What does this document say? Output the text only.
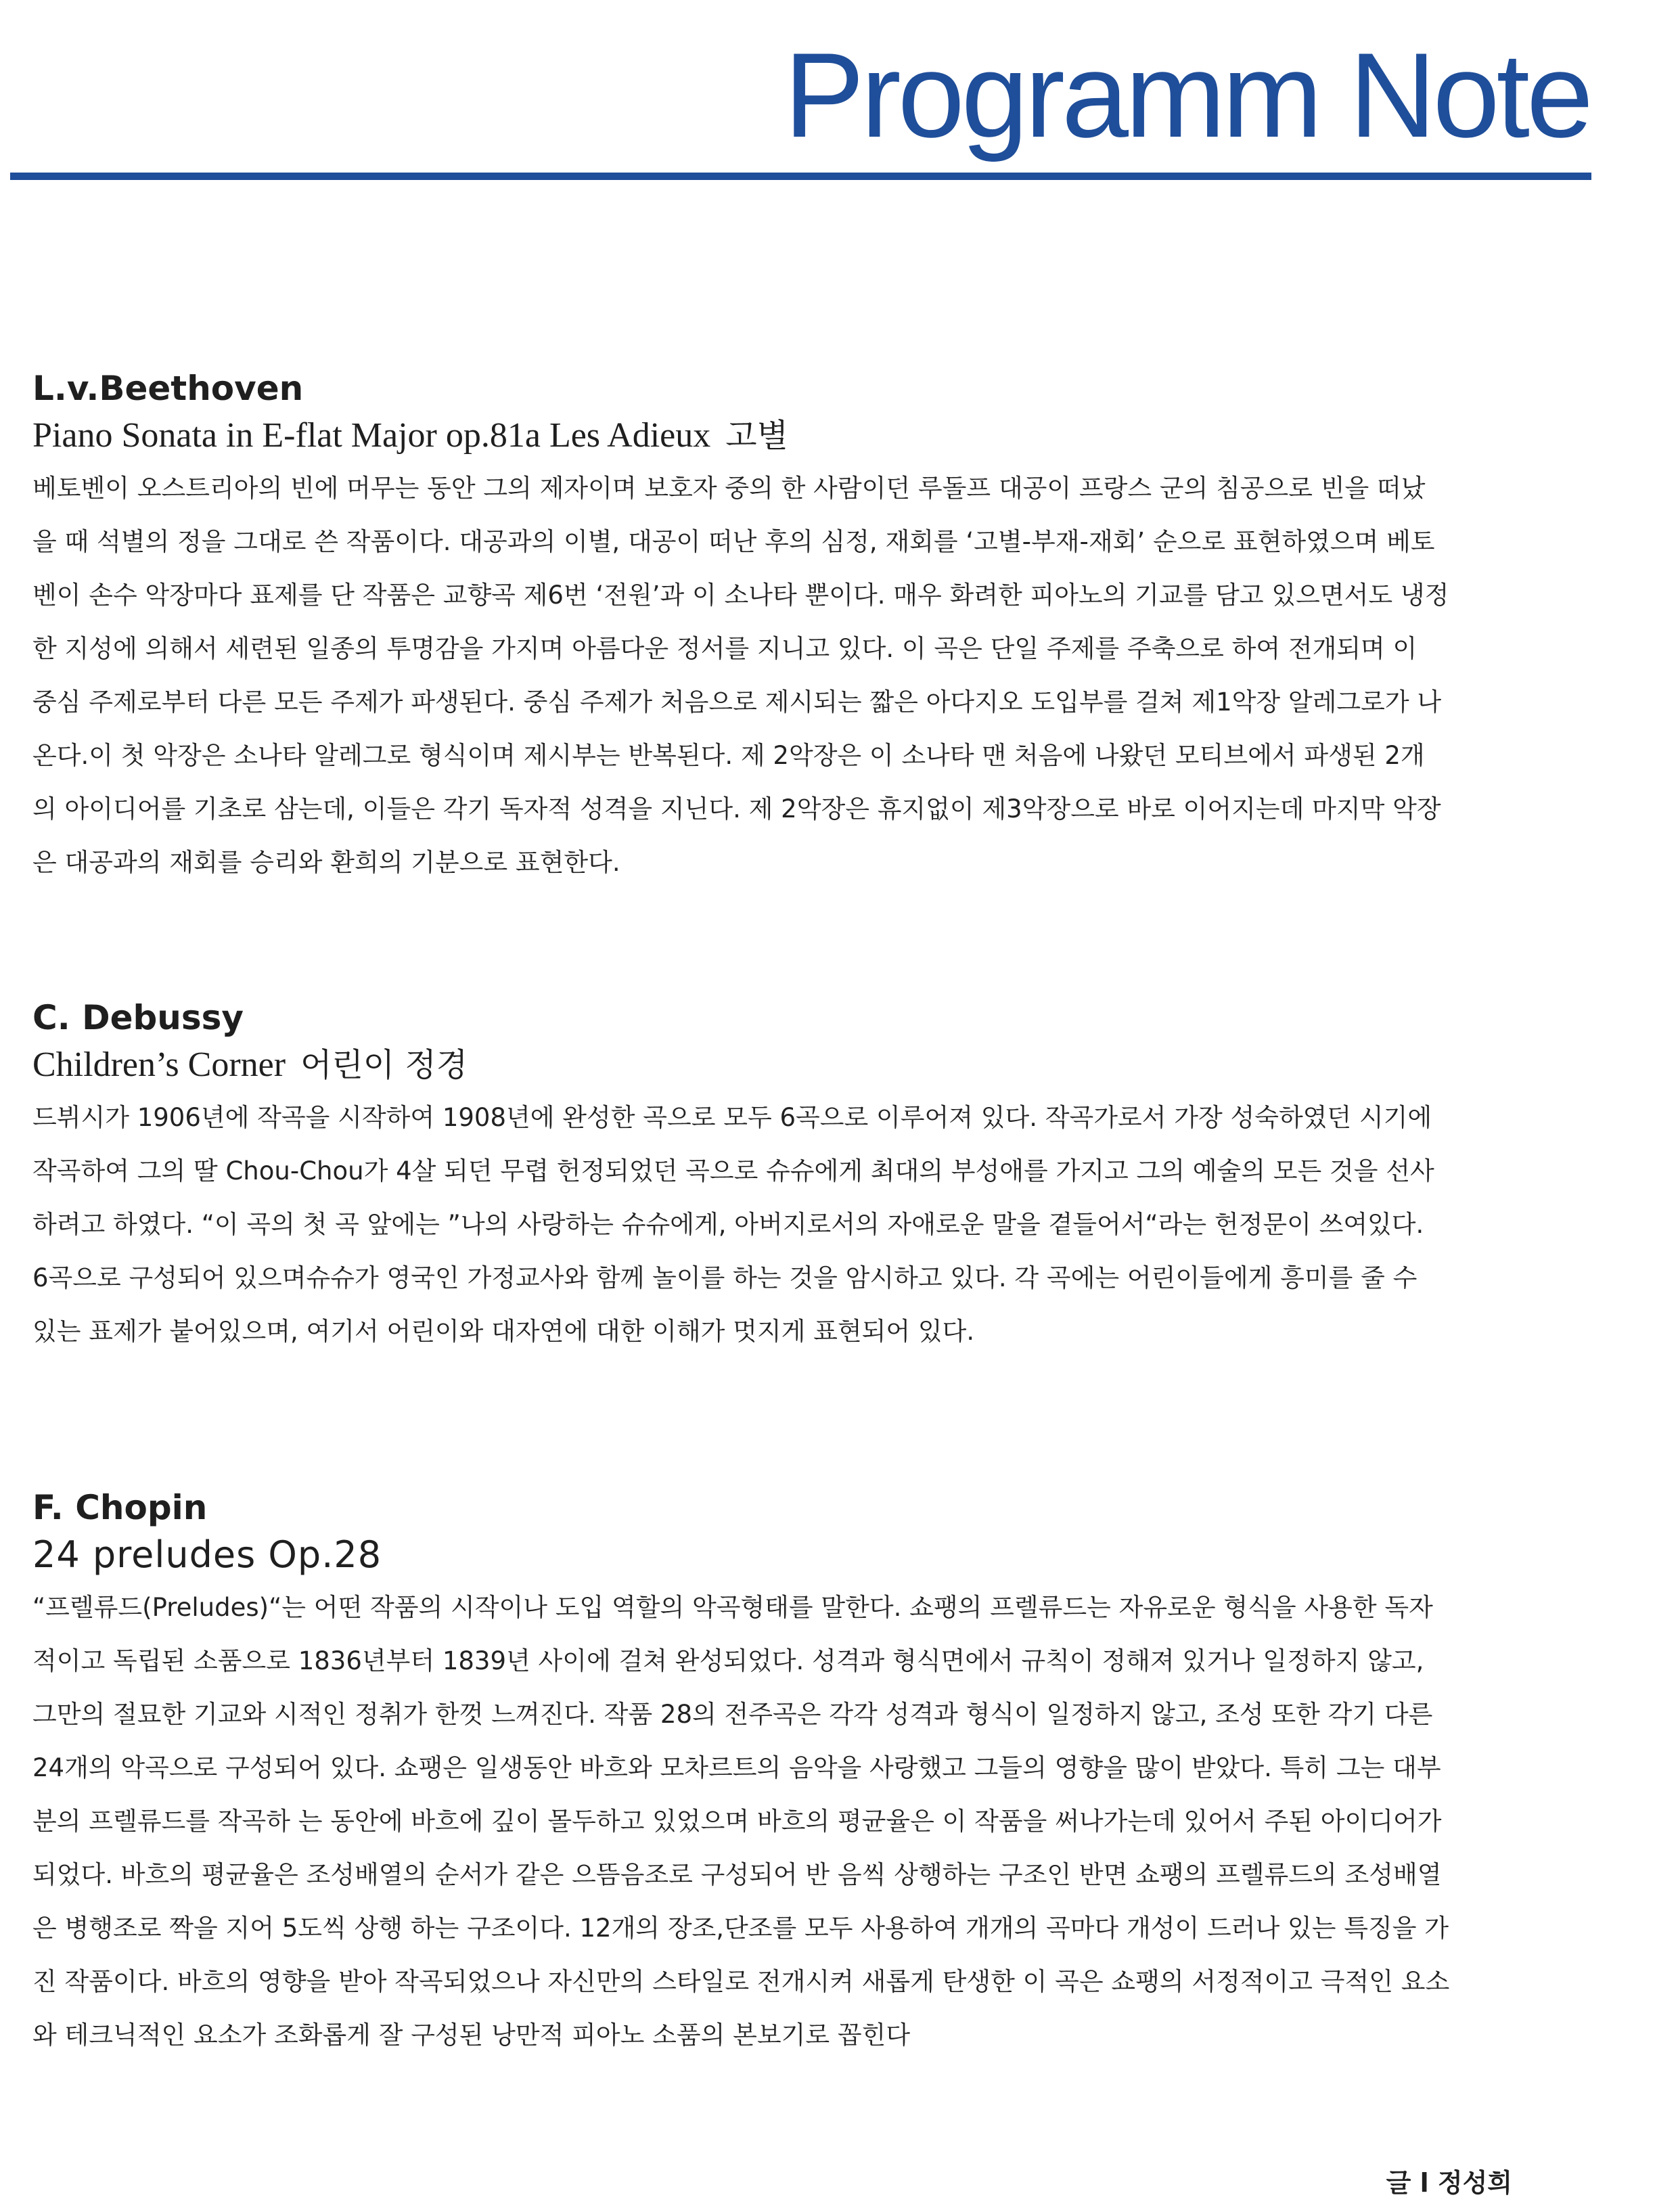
Programm Note
L.v.Beethoven
Piano Sonata in E-flat Major op.81a Les Adieux 고별
베토벤이 오스트리아의 빈에 머무는 동안 그의 제자이며 보호자 중의 한 사람이던 루돌프 대공이 프랑스 군의 침공으로 빈을 떠났
을 때 석별의 정을 그대로 쓴 작품이다. 대공과의 이별, 대공이 떠난 후의 심정, 재회를 ‘고별-부재-재회’ 순으로 표현하였으며 베토
벤이 손수 악장마다 표제를 단 작품은 교향곡 제6번 ‘전원’과 이 소나타 뿐이다. 매우 화려한 피아노의 기교를 담고 있으면서도 냉정
한 지성에 의해서 세련된 일종의 투명감을 가지며 아름다운 정서를 지니고 있다. 이 곡은 단일 주제를 주축으로 하여 전개되며 이
중심 주제로부터 다른 모든 주제가 파생된다. 중심 주제가 처음으로 제시되는 짧은 아다지오 도입부를 걸쳐 제1악장 알레그로가 나
온다.이 첫 악장은 소나타 알레그로 형식이며 제시부는 반복된다. 제 2악장은 이 소나타 맨 처음에 나왔던 모티브에서 파생된 2개
의 아이디어를 기초로 삼는데, 이들은 각기 독자적 성격을 지닌다. 제 2악장은 휴지없이 제3악장으로 바로 이어지는데 마지막 악장
은 대공과의 재회를 승리와 환희의 기분으로 표현한다.
C. Debussy
Children’s Corner 어린이 정경
드뷔시가 1906년에 작곡을 시작하여 1908년에 완성한 곡으로 모두 6곡으로 이루어져 있다. 작곡가로서 가장 성숙하였던 시기에
작곡하여 그의 딸 Chou-Chou가 4살 되던 무렵 헌정되었던 곡으로 슈슈에게 최대의 부성애를 가지고 그의 예술의 모든 것을 선사
하려고 하였다. “이 곡의 첫 곡 앞에는 ”나의 사랑하는 슈슈에게, 아버지로서의 자애로운 말을 곁들어서“라는 헌정문이 쓰여있다.
6곡으로 구성되어 있으며슈슈가 영국인 가정교사와 함께 놀이를 하는 것을 암시하고 있다. 각 곡에는 어린이들에게 흥미를 줄 수
있는 표제가 붙어있으며, 여기서 어린이와 대자연에 대한 이해가 멋지게 표현되어 있다.
F. Chopin
24 preludes Op.28
“프렐류드(Preludes)“는 어떤 작품의 시작이나 도입 역할의 악곡형태를 말한다. 쇼팽의 프렐류드는 자유로운 형식을 사용한 독자
적이고 독립된 소품으로 1836년부터 1839년 사이에 걸쳐 완성되었다. 성격과 형식면에서 규칙이 정해져 있거나 일정하지 않고,
그만의 절묘한 기교와 시적인 정취가 한껏 느껴진다. 작품 28의 전주곡은 각각 성격과 형식이 일정하지 않고, 조성 또한 각기 다른
24개의 악곡으로 구성되어 있다. 쇼팽은 일생동안 바흐와 모차르트의 음악을 사랑했고 그들의 영향을 많이 받았다. 특히 그는 대부
분의 프렐류드를 작곡하 는 동안에 바흐에 깊이 몰두하고 있었으며 바흐의 평균율은 이 작품을 써나가는데 있어서 주된 아이디어가
되었다. 바흐의 평균율은 조성배열의 순서가 같은 으뜸음조로 구성되어 반 음씩 상행하는 구조인 반면 쇼팽의 프렐류드의 조성배열
은 병행조로 짝을 지어 5도씩 상행 하는 구조이다. 12개의 장조,단조를 모두 사용하여 개개의 곡마다 개성이 드러나 있는 특징을 가
진 작품이다. 바흐의 영향을 받아 작곡되었으나 자신만의 스타일로 전개시켜 새롭게 탄생한 이 곡은 쇼팽의 서정적이고 극적인 요소
와 테크닉적인 요소가 조화롭게 잘 구성된 낭만적 피아노 소품의 본보기로 꼽힌다

글 l 정성희
